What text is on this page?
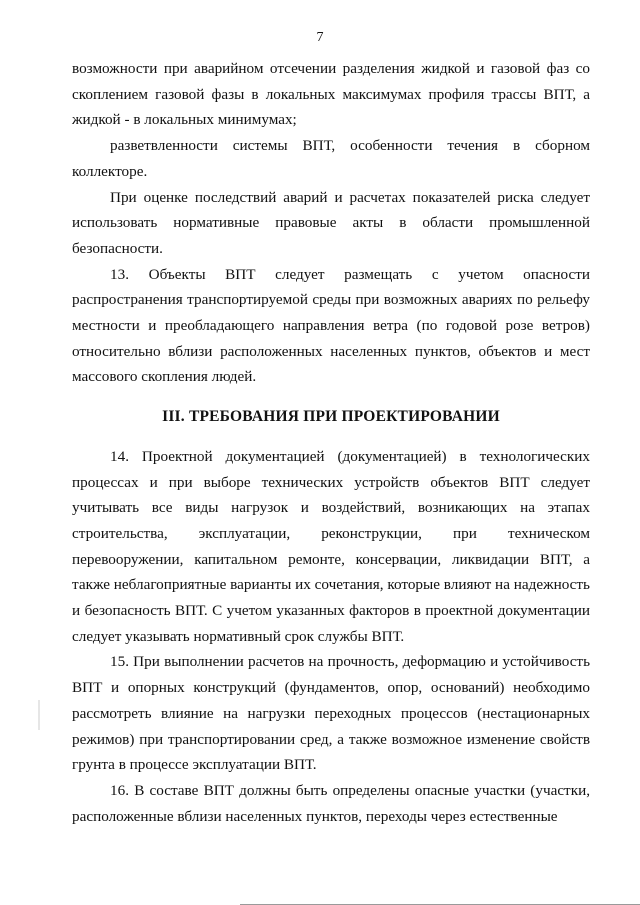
7

возможности при аварийном отсечении разделения жидкой и газовой фаз со скоплением газовой фазы в локальных максимумах профиля трассы ВПТ, а жидкой - в локальных минимумах;

разветвленности системы ВПТ, особенности течения в сборном коллекторе.

При оценке последствий аварий и расчетах показателей риска следует использовать нормативные правовые акты в области промышленной безопасности.

13. Объекты ВПТ следует размещать с учетом опасности распространения транспортируемой среды при возможных авариях по рельефу местности и преобладающего направления ветра (по годовой розе ветров) относительно вблизи расположенных населенных пунктов, объектов и мест массового скопления людей.

III. ТРЕБОВАНИЯ ПРИ ПРОЕКТИРОВАНИИ

14. Проектной документацией (документацией) в технологических процессах и при выборе технических устройств объектов ВПТ следует учитывать все виды нагрузок и воздействий, возникающих на этапах строительства, эксплуатации, реконструкции, при техническом перевооружении, капитальном ремонте, консервации, ликвидации ВПТ, а также неблагоприятные варианты их сочетания, которые влияют на надежность и безопасность ВПТ. С учетом указанных факторов в проектной документации следует указывать нормативный срок службы ВПТ.

15. При выполнении расчетов на прочность, деформацию и устойчивость ВПТ и опорных конструкций (фундаментов, опор, оснований) необходимо рассмотреть влияние на нагрузки переходных процессов (нестационарных режимов) при транспортировании сред, а также возможное изменение свойств грунта в процессе эксплуатации ВПТ.

16. В составе ВПТ должны быть определены опасные участки (участки, расположенные вблизи населенных пунктов, переходы через естественные
